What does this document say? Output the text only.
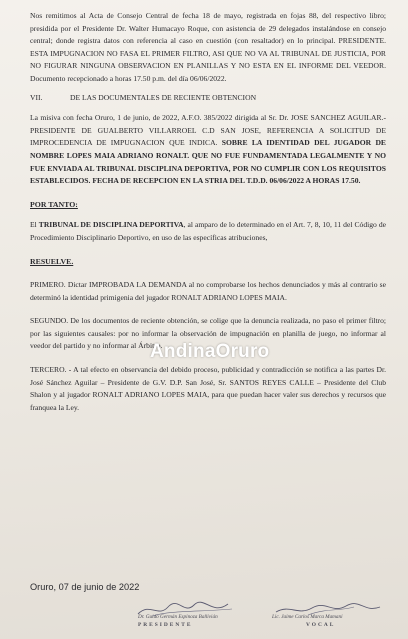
Nos remitimos al Acta de Consejo Central de fecha 18 de mayo, registrada en fojas 88, del respectivo libro; presidida por el Presidente Dr. Walter Humacayo Roque, con asistencia de 29 delegados instalándose en consejo central; donde registra datos con referencia al caso en cuestión (con resaltador) en lo principal. PRESIDENTE. ESTA IMPUGNACION NO FASA EL PRIMER FILTRO, ASI QUE NO VA AL TRIBUNAL DE JUSTICIA, POR NO FIGURAR NINGUNA OBSERVACION EN PLANILLAS Y NO ESTA EN EL INFORME DEL VEEDOR. Documento recepcionado a horas 17.50 p.m. del día 06/06/2022.

VII.	DE LAS DOCUMENTALES DE RECIENTE OBTENCION

La misiva con fecha Oruro, 1 de junio, de 2022, A.F.O. 385/2022 dirigida al Sr. Dr. JOSE SANCHEZ AGUILAR.- PRESIDENTE DE GUALBERTO VILLARROEL C.D SAN JOSE, REFERENCIA A SOLICITUD DE IMPROCEDENCIA DE IMPUGNACION QUE INDICA. SOBRE LA IDENTIDAD DEL JUGADOR DE NOMBRE LOPES MAIA ADRIANO RONALT. QUE NO FUE FUNDAMENTADA LEGALMENTE Y NO FUE ENVIADA AL TRIBUNAL DISCIPLINA DEPORTIVA, POR NO CUMPLIR CON LOS REQUISITOS ESTABLECIDOS. FECHA DE RECEPCION EN LA STRIA DEL T.D.D. 06/06/2022 A HORAS 17.50.

POR TANTO:

El TRIBUNAL DE DISCIPLINA DEPORTIVA, al amparo de lo determinado en el Art. 7, 8, 10, 11 del Código de Procedimiento Disciplinario Deportivo, en uso de las específicas atribuciones,

RESUELVE.

PRIMERO. Dictar IMPROBADA LA DEMANDA al no comprobarse los hechos denunciados y más al contrario se determinó la identidad primigenia del jugador RONALT ADRIANO LOPES MAIA.

SEGUNDO. De los documentos de reciente obtención, se colige que la denuncia realizada, no paso el primer filtro; por las siguientes causales: por no informar la observación de impugnación en planilla de juego, no informar al veedor del partido y no informar al Árbitro.

TERCERO. - A tal efecto en observancia del debido proceso, publicidad y contradicción se notifica a las partes Dr. José Sánchez Aguilar – Presidente de G.V. D.P. San José, Sr. SANTOS REYES CALLE – Presidente del Club Shalon y al jugador RONALT ADRIANO LOPES MAIA, para que puedan hacer valer sus derechos y recursos que franquea la Ley.

AndinaOruro
Oruro, 07 de junio de 2022
Dr. Guido Germán Espinoza Ballivián
PRESIDENTE
Lic. Jaime Carlos Marca Mamani
VOCAL
